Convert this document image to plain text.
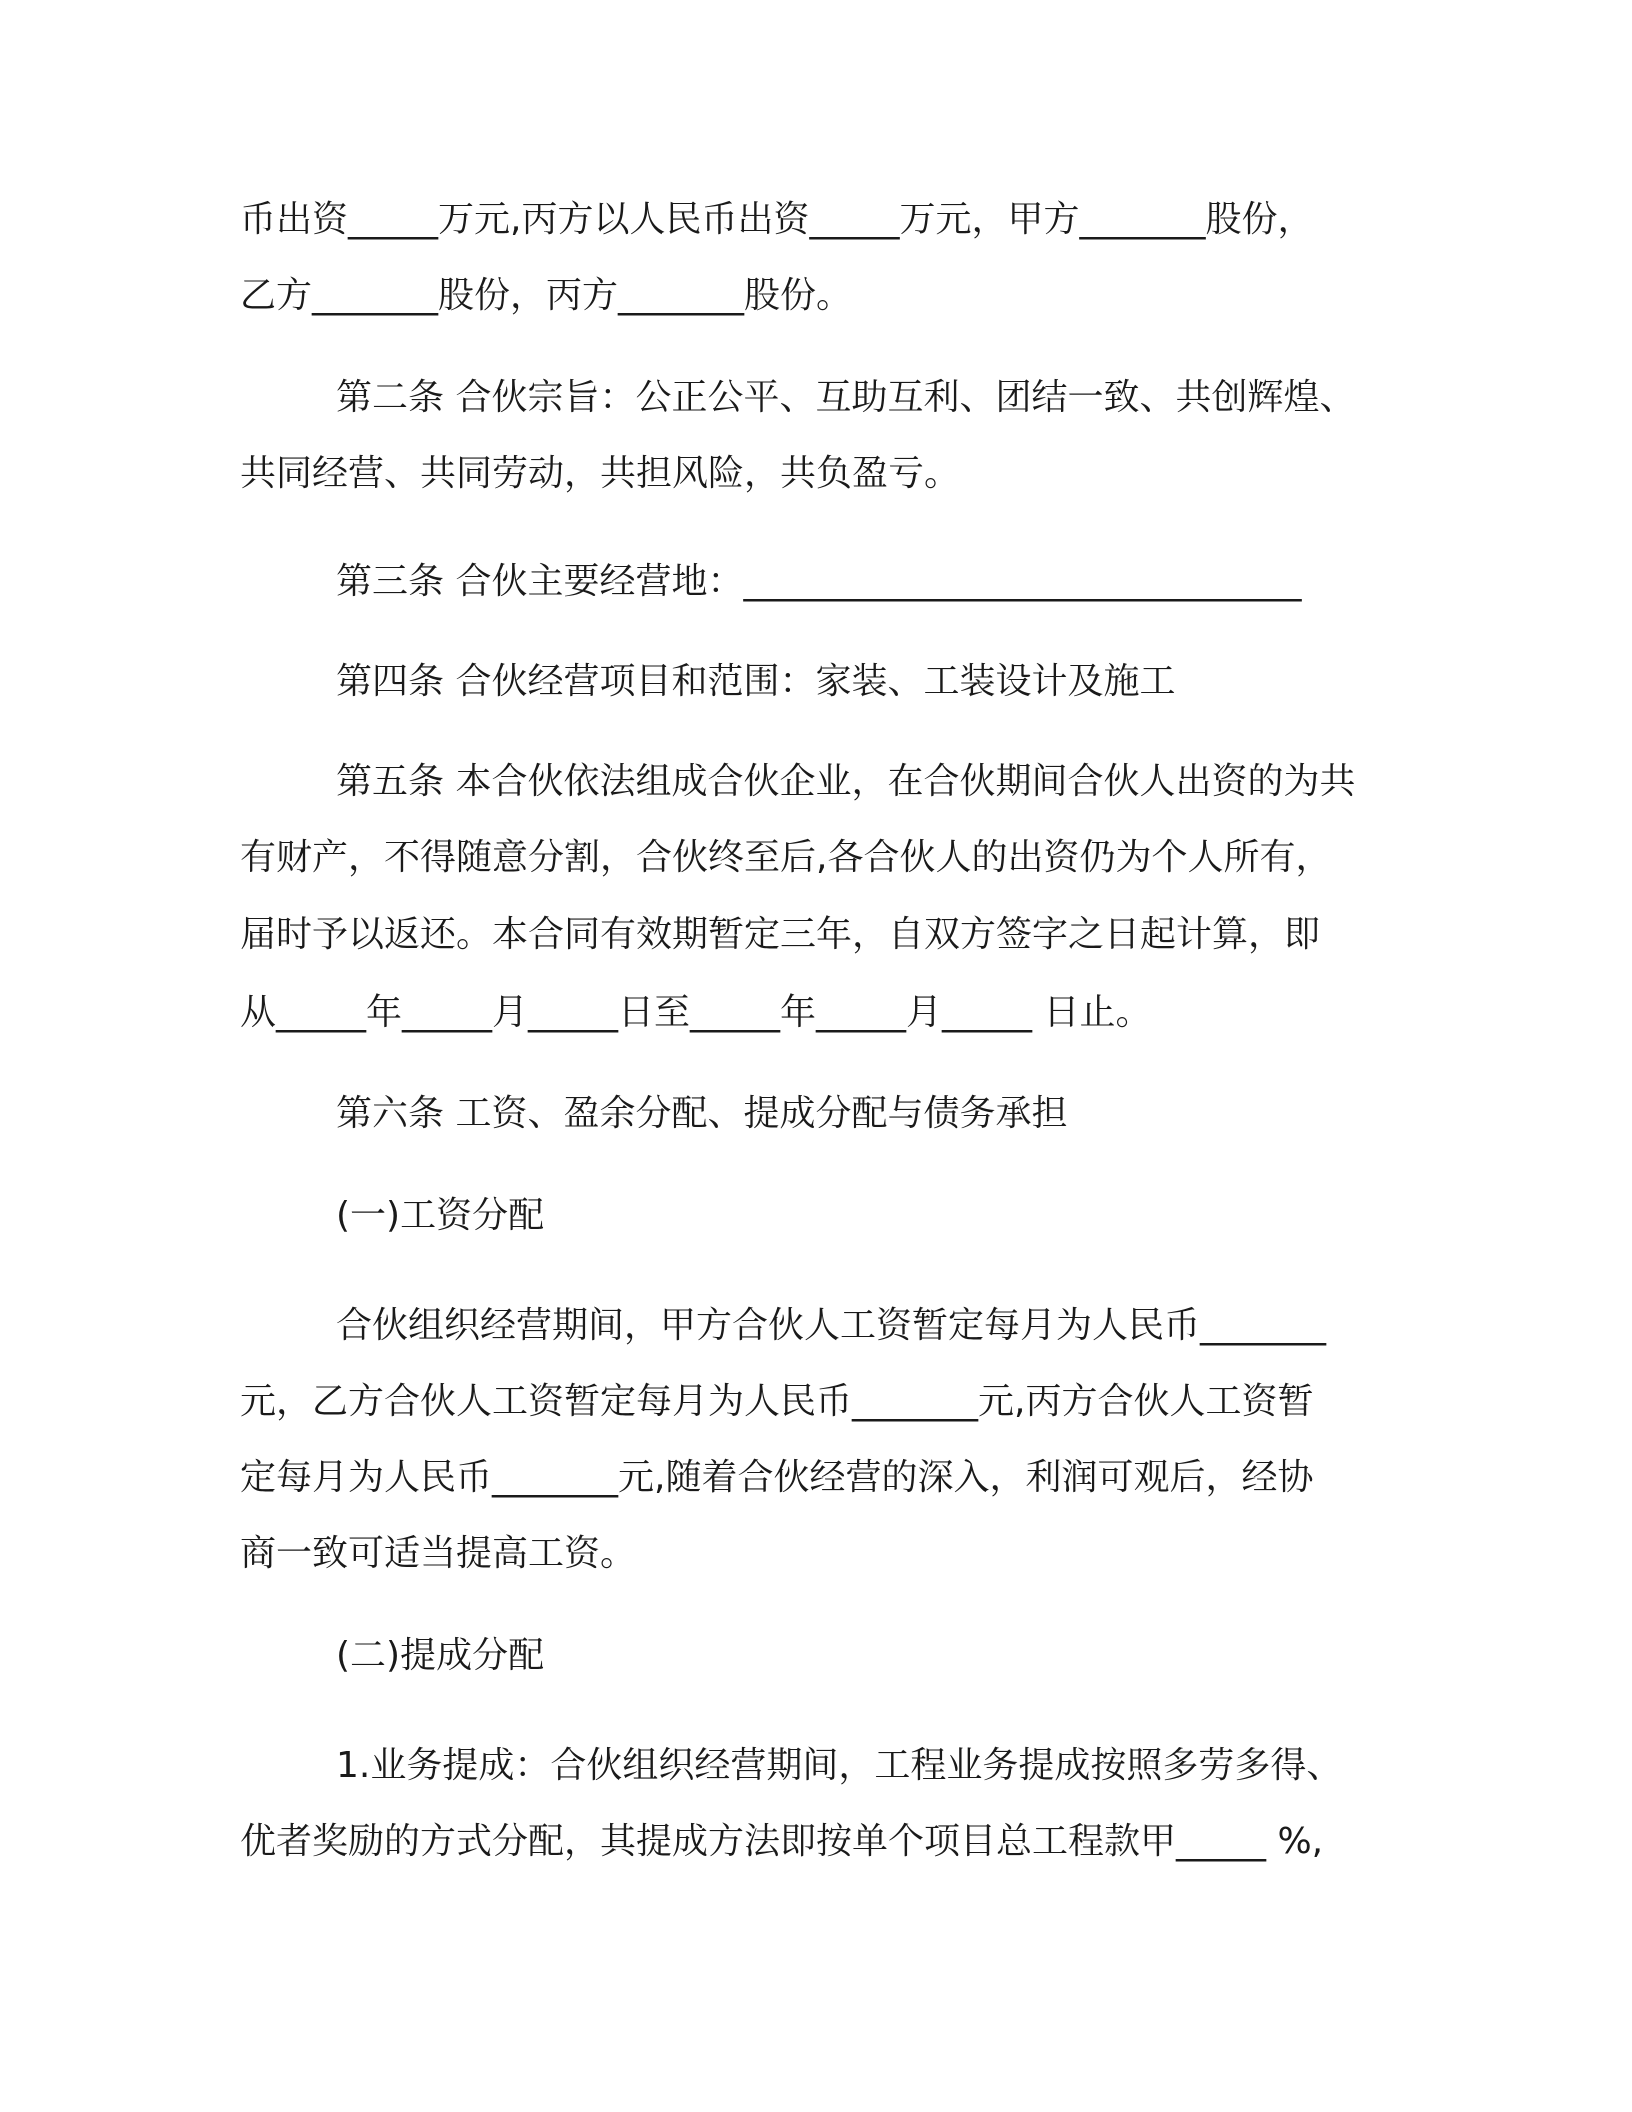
币出资_____万元,丙方以人民币出资_____万元，甲方_______股份，
乙方_______股份，丙方_______股份。
第二条 合伙宗旨：公正公平、互助互利、团结一致、共创辉煌、
共同经营、共同劳动，共担风险，共负盈亏。
第三条 合伙主要经营地：_______________________________
第四条 合伙经营项目和范围：家装、工装设计及施工
第五条 本合伙依法组成合伙企业，在合伙期间合伙人出资的为共
有财产，不得随意分割，合伙终至后,各合伙人的出资仍为个人所有，
届时予以返还。本合同有效期暂定三年，自双方签字之日起计算，即
从_____年_____月_____日至_____年_____月_____ 日止。
第六条 工资、盈余分配、提成分配与债务承担
(一)工资分配
合伙组织经营期间，甲方合伙人工资暂定每月为人民币_______
元，乙方合伙人工资暂定每月为人民币_______元,丙方合伙人工资暂
定每月为人民币_______元,随着合伙经营的深入，利润可观后，经协
商一致可适当提高工资。
(二)提成分配
1.业务提成：合伙组织经营期间，工程业务提成按照多劳多得、
优者奖励的方式分配，其提成方法即按单个项目总工程款甲_____ %,
